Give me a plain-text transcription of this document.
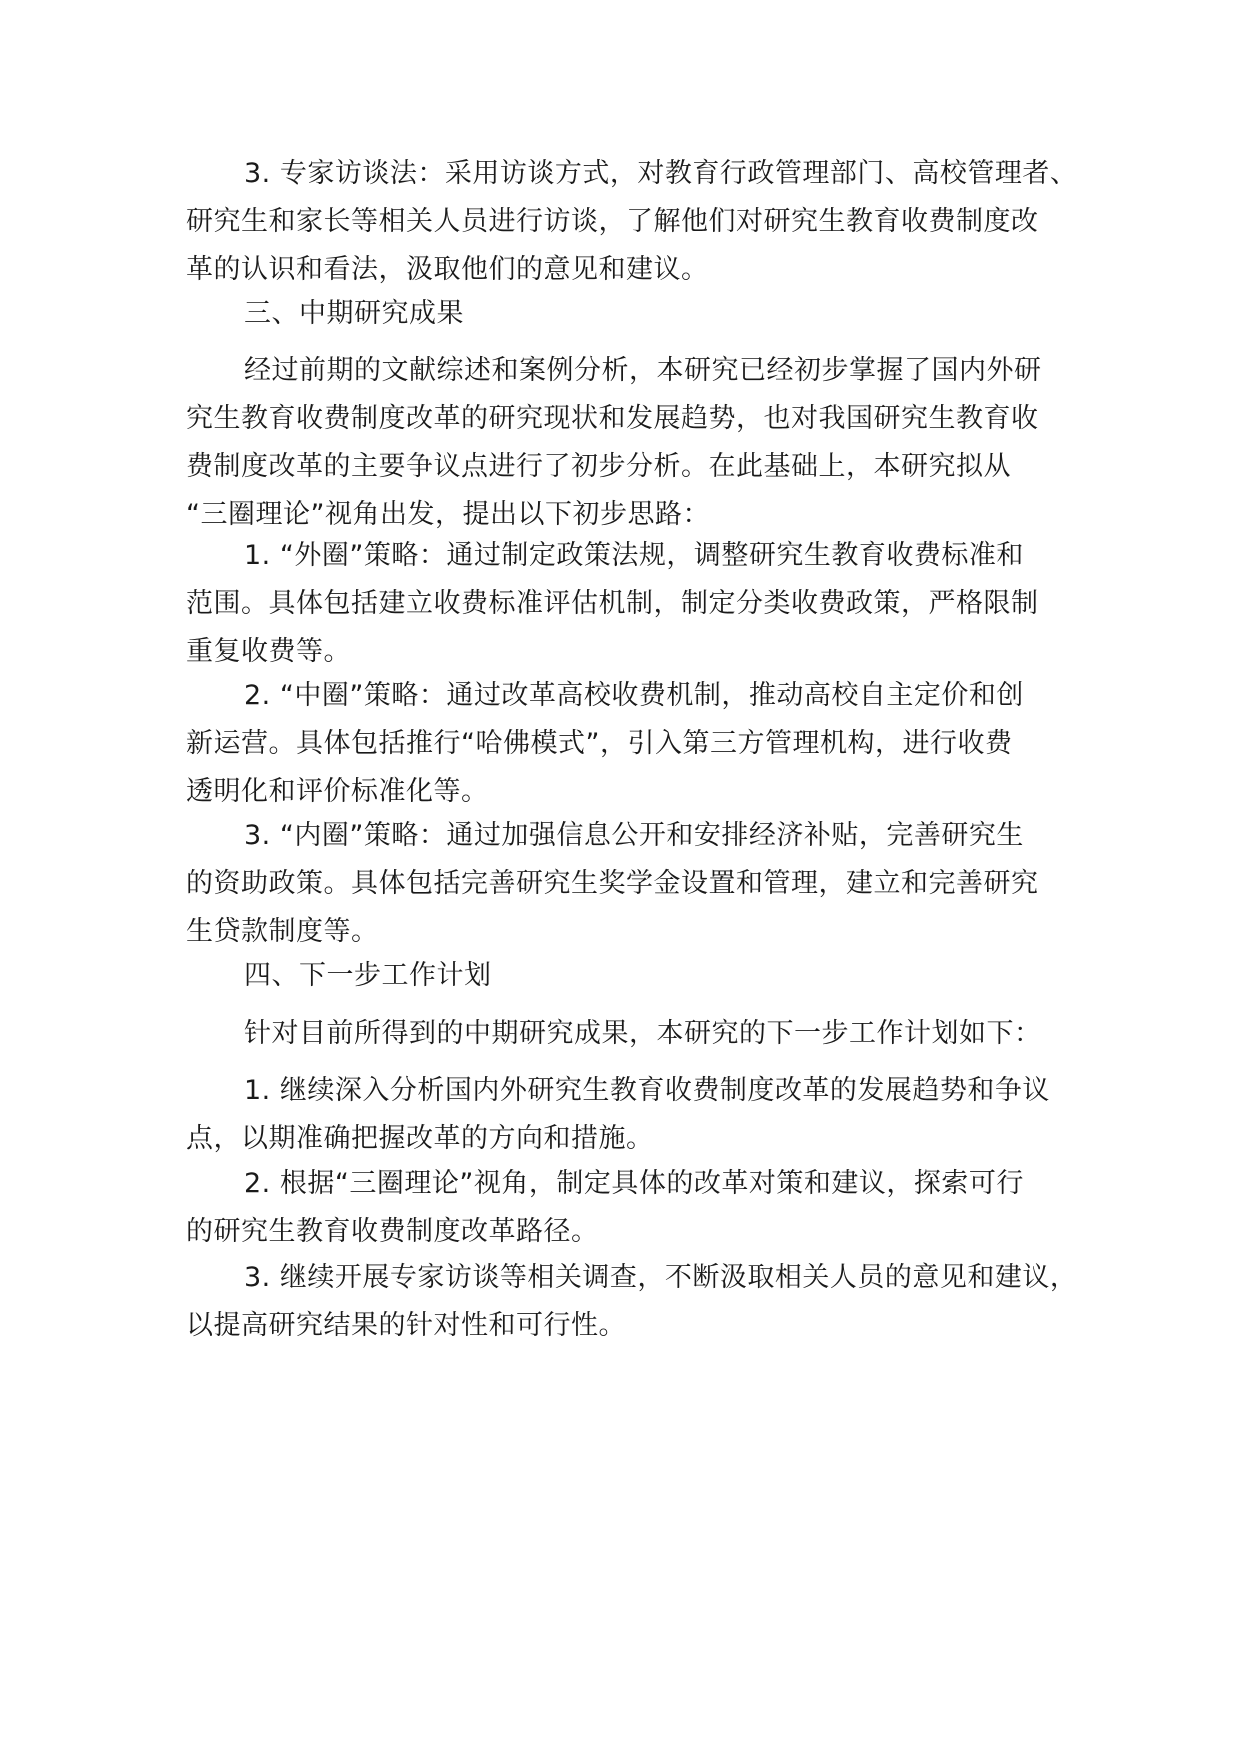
3. 专家访谈法：采用访谈方式，对教育行政管理部门、高校管理者、
研究生和家长等相关人员进行访谈，了解他们对研究生教育收费制度改
革的认识和看法，汲取他们的意见和建议。

三、中期研究成果

经过前期的文献综述和案例分析，本研究已经初步掌握了国内外研
究生教育收费制度改革的研究现状和发展趋势，也对我国研究生教育收
费制度改革的主要争议点进行了初步分析。在此基础上，本研究拟从
“三圈理论”视角出发，提出以下初步思路：

1. “外圈”策略：通过制定政策法规，调整研究生教育收费标准和
范围。具体包括建立收费标准评估机制，制定分类收费政策，严格限制
重复收费等。

2. “中圈”策略：通过改革高校收费机制，推动高校自主定价和创
新运营。具体包括推行“哈佛模式”，引入第三方管理机构，进行收费
透明化和评价标准化等。

3. “内圈”策略：通过加强信息公开和安排经济补贴，完善研究生
的资助政策。具体包括完善研究生奖学金设置和管理，建立和完善研究
生贷款制度等。

四、下一步工作计划

针对目前所得到的中期研究成果，本研究的下一步工作计划如下：

1. 继续深入分析国内外研究生教育收费制度改革的发展趋势和争议
点，以期准确把握改革的方向和措施。

2. 根据“三圈理论”视角，制定具体的改革对策和建议，探索可行
的研究生教育收费制度改革路径。

3. 继续开展专家访谈等相关调查，不断汲取相关人员的意见和建议，
以提高研究结果的针对性和可行性。
